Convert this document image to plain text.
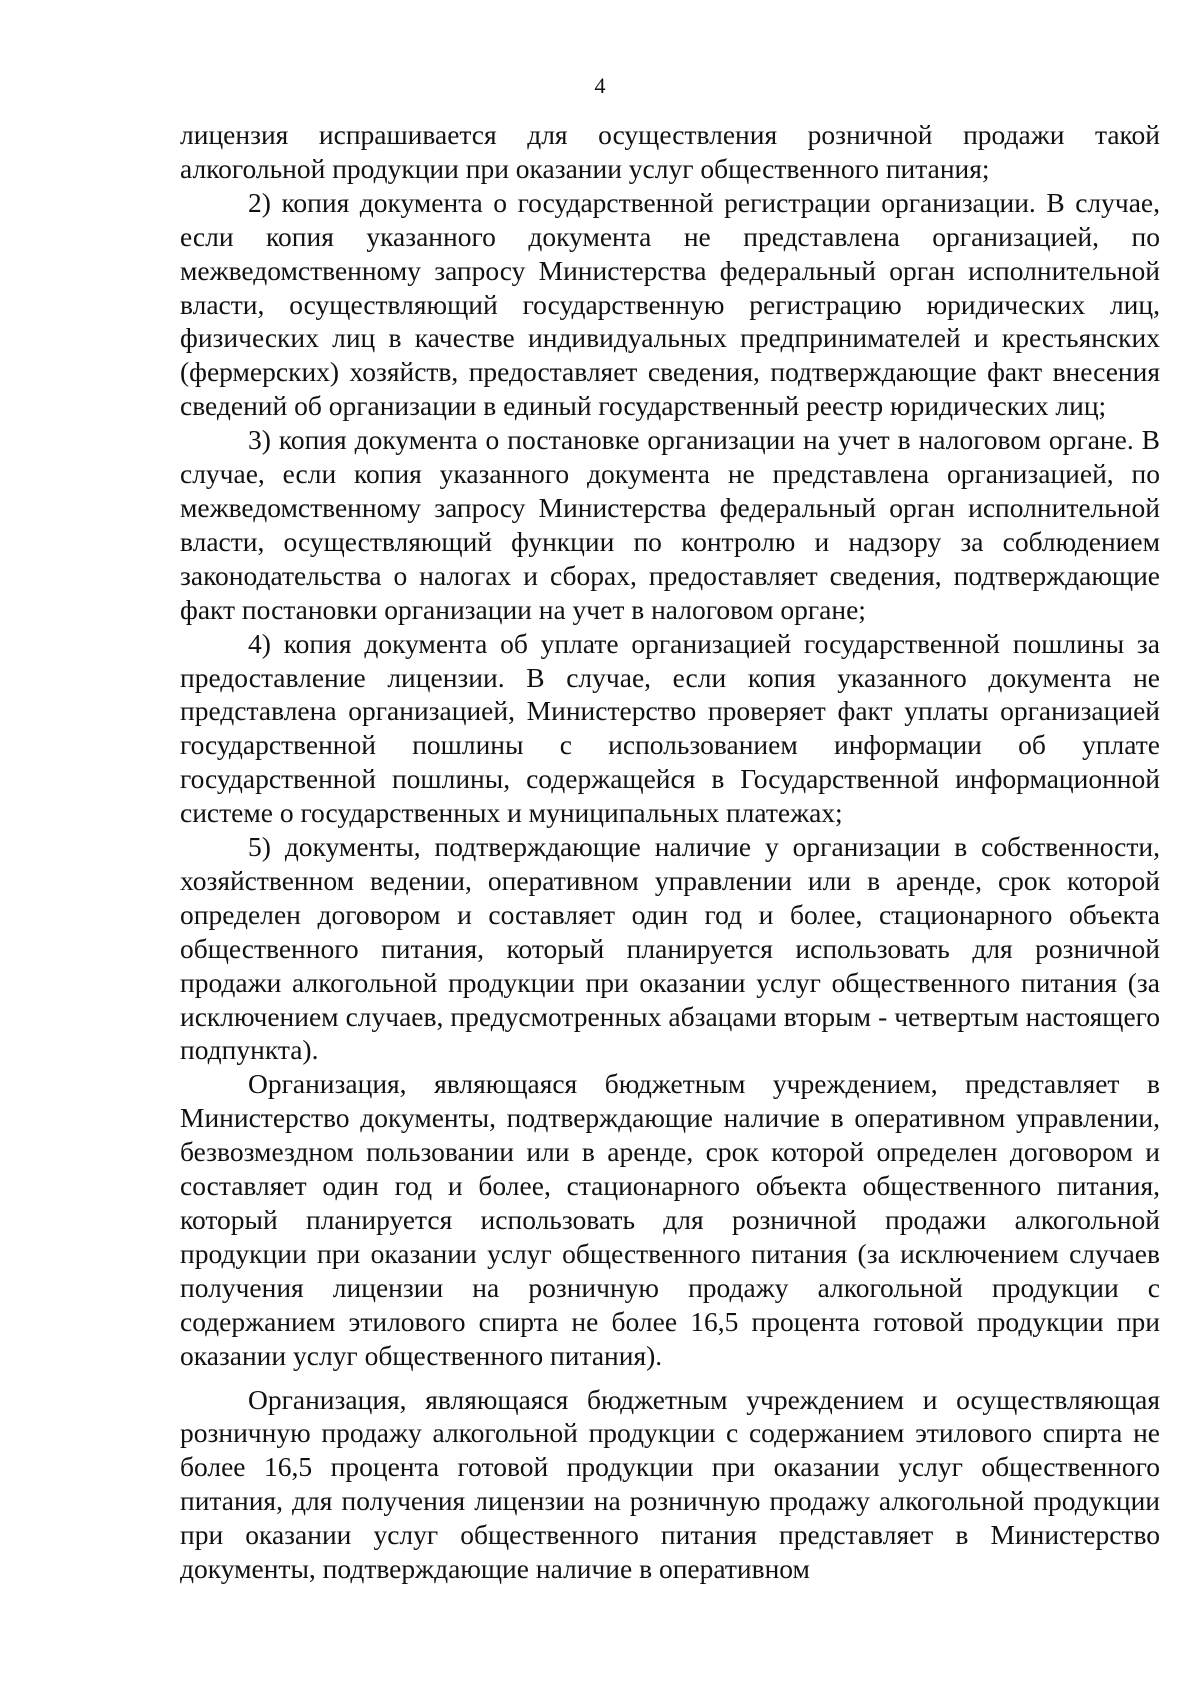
4

лицензия испрашивается для осуществления розничной продажи такой алкогольной продукции при оказании услуг общественного питания;

2) копия документа о государственной регистрации организации. В случае, если копия указанного документа не представлена организацией, по межведомственному запросу Министерства федеральный орган исполнительной власти, осуществляющий государственную регистрацию юридических лиц, физических лиц в качестве индивидуальных предпринимателей и крестьянских (фермерских) хозяйств, предоставляет сведения, подтверждающие факт внесения сведений об организации в единый государственный реестр юридических лиц;

3) копия документа о постановке организации на учет в налоговом органе. В случае, если копия указанного документа не представлена организацией, по межведомственному запросу Министерства федеральный орган исполнительной власти, осуществляющий функции по контролю и надзору за соблюдением законодательства о налогах и сборах, предоставляет сведения, подтверждающие факт постановки организации на учет в налоговом органе;

4) копия документа об уплате организацией государственной пошлины за предоставление лицензии. В случае, если копия указанного документа не представлена организацией, Министерство проверяет факт уплаты организацией государственной пошлины с использованием информации об уплате государственной пошлины, содержащейся в Государственной информационной системе о государственных и муниципальных платежах;

5) документы, подтверждающие наличие у организации в собственности, хозяйственном ведении, оперативном управлении или в аренде, срок которой определен договором и составляет один год и более, стационарного объекта общественного питания, который планируется использовать для розничной продажи алкогольной продукции при оказании услуг общественного питания (за исключением случаев, предусмотренных абзацами вторым - четвертым настоящего подпункта).

Организация, являющаяся бюджетным учреждением, представляет в Министерство документы, подтверждающие наличие в оперативном управлении, безвозмездном пользовании или в аренде, срок которой определен договором и составляет один год и более, стационарного объекта общественного питания, который планируется использовать для розничной продажи алкогольной продукции при оказании услуг общественного питания (за исключением случаев получения лицензии на розничную продажу алкогольной продукции с содержанием этилового спирта не более 16,5 процента готовой продукции при оказании услуг общественного питания).

Организация, являющаяся бюджетным учреждением и осуществляющая розничную продажу алкогольной продукции с содержанием этилового спирта не более 16,5 процента готовой продукции при оказании услуг общественного питания, для получения лицензии на розничную продажу алкогольной продукции при оказании услуг общественного питания представляет в Министерство документы, подтверждающие наличие в оперативном
